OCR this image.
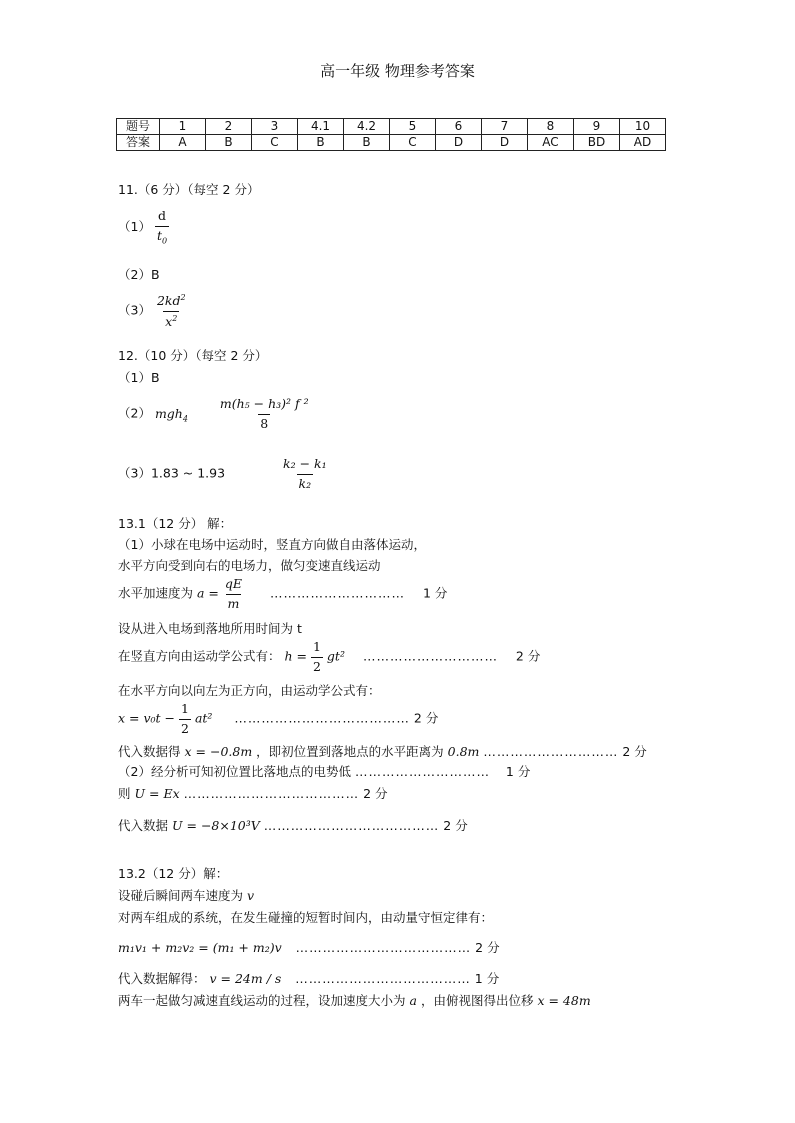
高一年级 物理参考答案
题号	1	2	3	4.1	4.2	5	6	7	8	9	10
答案	A	B	C	B	B	C	D	D	AC	BD	AD
11.（6 分）（每空 2 分）
$(1) \frac{d}{t_0}$
（2）B
$(3) \frac{2kd^2}{x^2}$
12.（10 分）（每空 2 分）
（1）B
（2） $mgh_4 \frac{\text{m(h₅ − h₃)² f ²}}{8}$
（3）1.83 ~ 1.93	$\frac{\text{k₂ − k₁}}{\text{k₂}}$
13.1（12 分） 解：
（1）小球在电场中运动时，竖直方向做自由落体运动，
水平方向受到向右的电场力，做匀变速直线运动
水平加速度为 $a = \frac{qE}{m}$ ………………………… 1 分
设从进入电场到落地所用时间为 t
在竖直方向由运动学公式有： $h = \frac{1}{2} gt^2$ ………………………… 2 分
在水平方向以向左为正方向，由运动学公式有：
$x = v_0t - \frac{1}{2} at^2$ ………………………………… 2 分
代入数据得 x = −0.8m ，即初位置到落地点的水平距离为 0.8m ………………………… 2 分
（2）经分析可知初位置比落地点的电势低 ………………………… 1 分
则 U = Ex ………………………………… 2 分
代入数据 U = −8×10³V ………………………………… 2 分
13.2（12 分）解：
设碰后瞬间两车速度为 v
对两车组成的系统，在发生碰撞的短暂时间内，由动量守恒定律有：
m₁v₁ + m₂v₂ = (m₁ + m₂)v ………………………………… 2 分
代入数据解得： v = 24m / s ………………………………… 1 分
两车一起做匀减速直线运动的过程，设加速度大小为 a ，由俯视图得出位移 x = 48m
